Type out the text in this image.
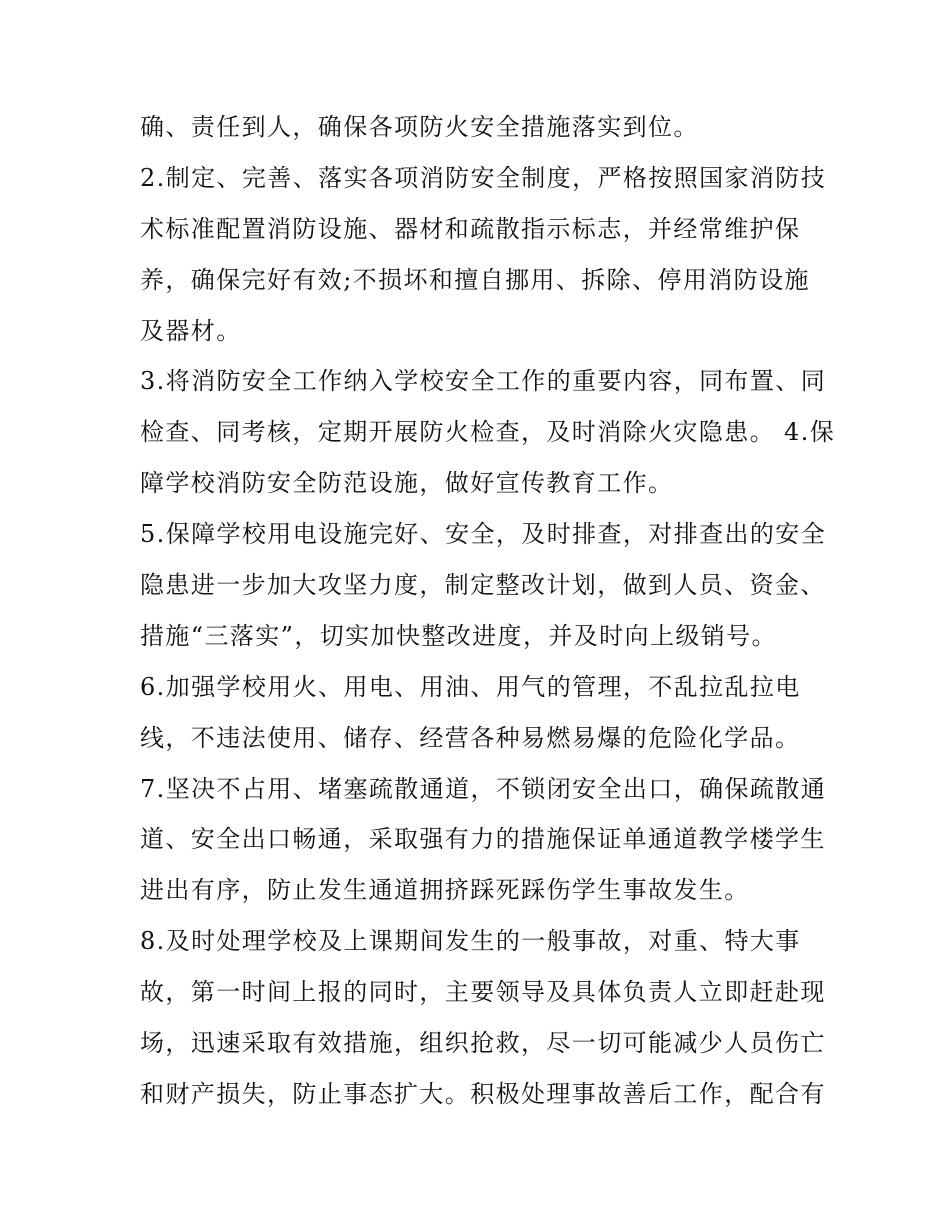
确、责任到人，确保各项防火安全措施落实到位。
2.制定、完善、落实各项消防安全制度，严格按照国家消防技
术标准配置消防设施、器材和疏散指示标志，并经常维护保
养，确保完好有效;不损坏和擅自挪用、拆除、停用消防设施
及器材。
3.将消防安全工作纳入学校安全工作的重要内容，同布置、同
检查、同考核，定期开展防火检查，及时消除火灾隐患。 4.保
障学校消防安全防范设施，做好宣传教育工作。
5.保障学校用电设施完好、安全，及时排查，对排查出的安全
隐患进一步加大攻坚力度，制定整改计划，做到人员、资金、
措施“三落实”，切实加快整改进度，并及时向上级销号。
6.加强学校用火、用电、用油、用气的管理，不乱拉乱拉电
线，不违法使用、储存、经营各种易燃易爆的危险化学品。
7.坚决不占用、堵塞疏散通道，不锁闭安全出口，确保疏散通
道、安全出口畅通，采取强有力的措施保证单通道教学楼学生
进出有序，防止发生通道拥挤踩死踩伤学生事故发生。
8.及时处理学校及上课期间发生的一般事故，对重、特大事
故，第一时间上报的同时，主要领导及具体负责人立即赶赴现
场，迅速采取有效措施，组织抢救，尽一切可能减少人员伤亡
和财产损失，防止事态扩大。积极处理事故善后工作，配合有
